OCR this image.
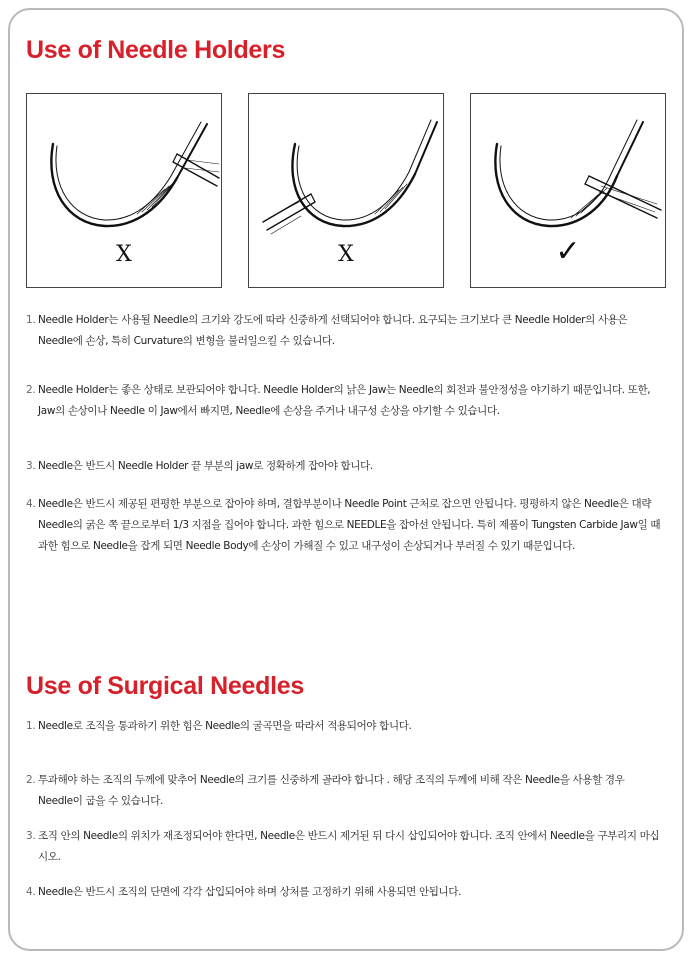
Use of Needle Holders
X	X	✓
1. Needle Holder는 사용될 Needle의 크기와 강도에 따라 신중하게 선택되어야 합니다. 요구되는 크기보다 큰 Needle Holder의 사용은 Needle에 손상, 특히 Curvature의 변형을 불러일으킬 수 있습니다.
2. Needle Holder는 좋은 상태로 보관되어야 합니다. Needle Holder의 낡은 Jaw는 Needle의 회전과 불안정성을 야기하기 때문입니다. 또한, Jaw의 손상이나 Needle 이 Jaw에서 빠지면, Needle에 손상을 주거나 내구성 손상을 야기할 수 있습니다.
3. Needle은 반드시 Needle Holder 끝 부분의 jaw로 정확하게 잡아야 합니다.
4. Needle은 반드시 제공된 편평한 부분으로 잡아야 하며, 결합부분이나 Needle Point 근처로 잡으면 안됩니다. 평평하지 않은 Needle은 대략 Needle의 굵은 쪽 끝으로부터 1/3 지점을 집어야 합니다. 과한 힘으로 NEEDLE을 잡아선 안됩니다. 특히 제품이 Tungsten Carbide Jaw일 때 과한 힘으로 Needle을 잡게 되면 Needle Body에 손상이 가해질 수 있고 내구성이 손상되거나 부러질 수 있기 때문입니다.
Use of Surgical Needles
1. Needle로 조직을 통과하기 위한 힘은 Needle의 굴곡면을 따라서 적용되어야 합니다.
2. 투과해야 하는 조직의 두께에 맞추어 Needle의 크기를 신중하게 골라야 합니다 . 해당 조직의 두께에 비해 작은 Needle을 사용할 경우 Needle이 굽을 수 있습니다.
3. 조직 안의 Needle의 위치가 재조정되어야 한다면, Needle은 반드시 제거된 뒤 다시 삽입되어야 합니다. 조직 안에서 Needle을 구부리지 마십시오.
4. Needle은 반드시 조직의 단면에 각각 삽입되어야 하며 상처를 고정하기 위해 사용되면 안됩니다.
